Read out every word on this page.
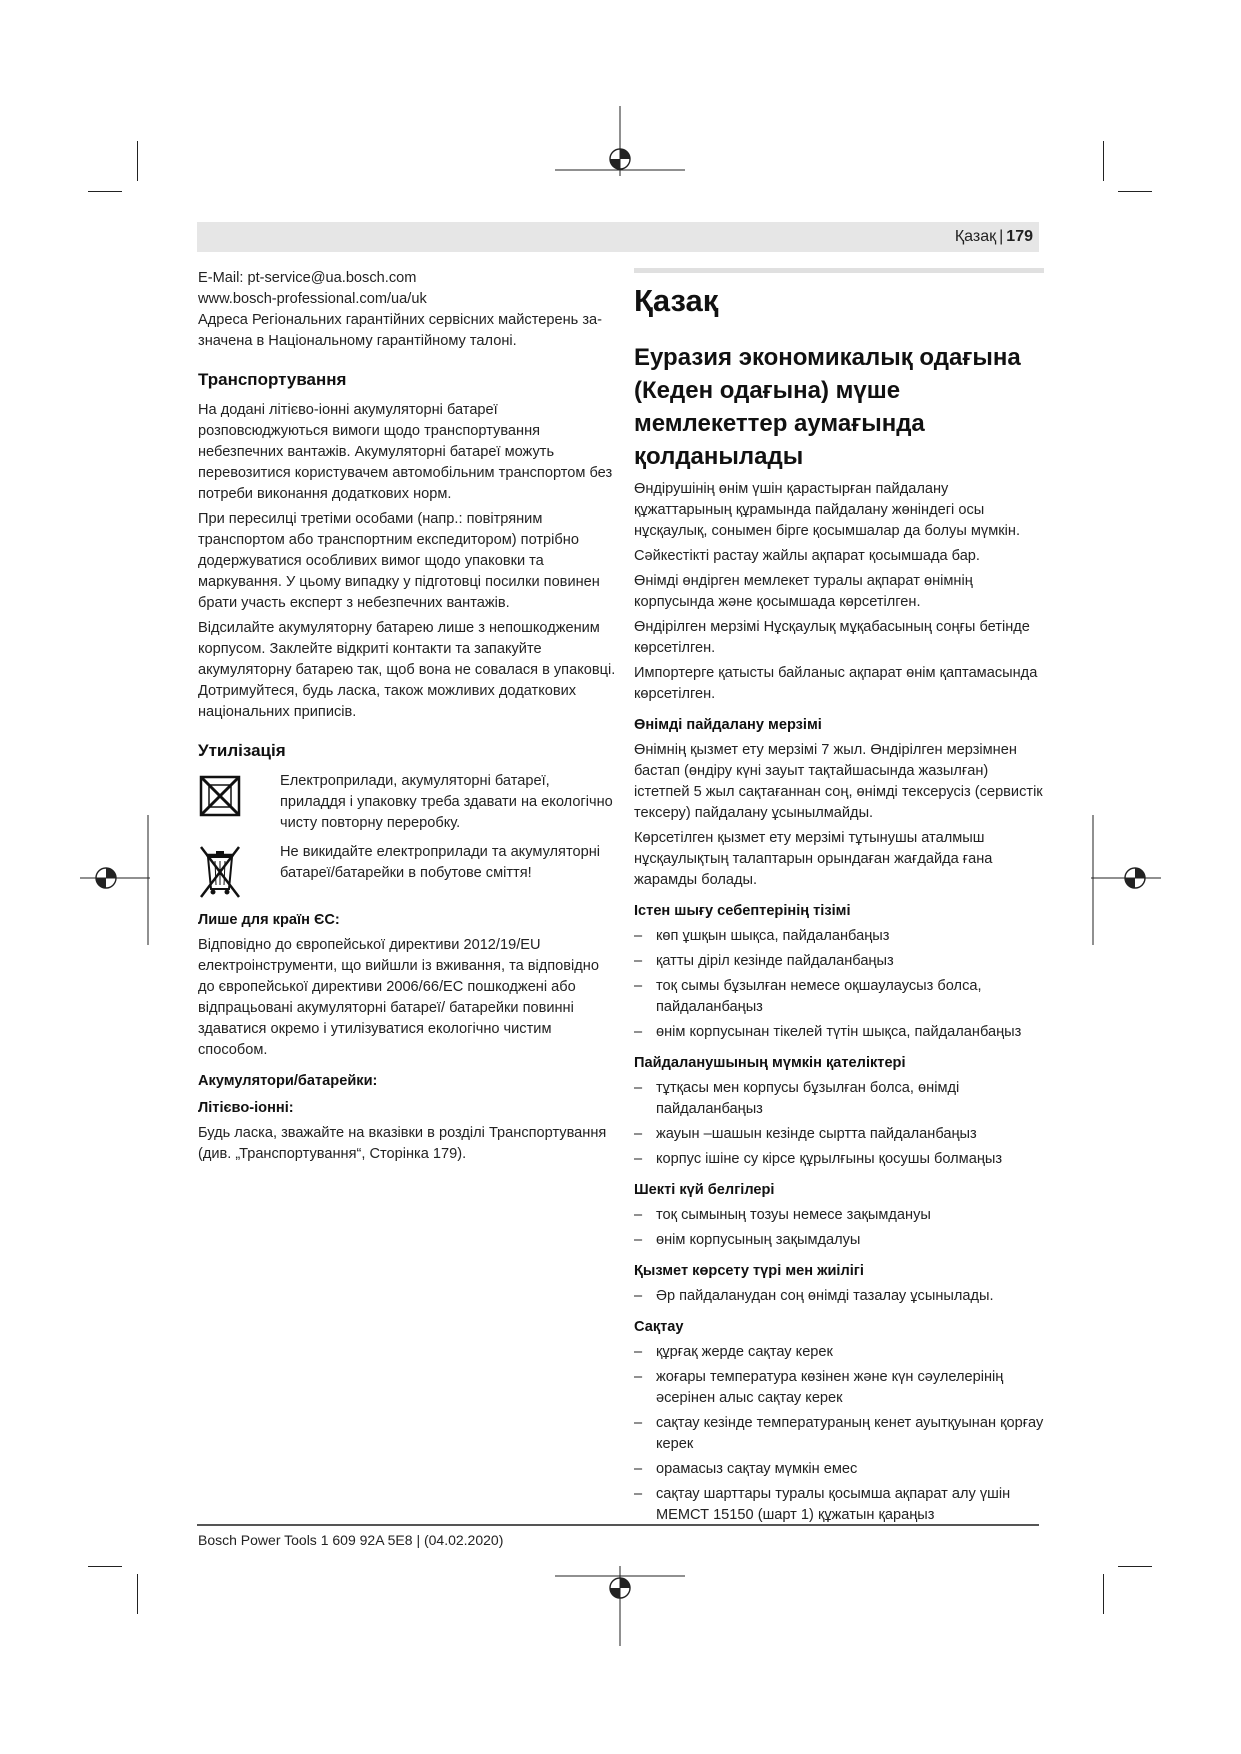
Қазақ | 179

E-Mail: pt-service@ua.bosch.com

www.bosch-professional.com/ua/uk

Адреса Регіональних гарантійних сервісних майстерень за- значена в Національному гарантійному талоні.

Транспортування

На додані літієво-іонні акумуляторні батареї розповсюджуються вимоги щодо транспортування небезпечних вантажів. Акумуляторні батареї можуть перевозитися користувачем автомобільним транспортом без потреби виконання додаткових норм.

При пересилці третіми особами (напр.: повітряним транспортом або транспортним експедитором) потрібно додержуватися особливих вимог щодо упаковки та маркування. У цьому випадку у підготовці посилки повинен брати участь експерт з небезпечних вантажів.

Відсилайте акумуляторну батарею лише з непошкодженим корпусом. Заклейте відкриті контакти та запакуйте акумуляторну батарею так, щоб вона не совалася в упаковці. Дотримуйтеся, будь ласка, також можливих додаткових національних приписів.

Утилізація
Електроприлади, акумуляторні батареї, приладдя і упаковку треба здавати на екологічно чисту повторну переробку.
Не викидайте електроприлади та акумуляторні батареї/батарейки в побутове сміття!
Лише для країн ЄС:

Відповідно до європейської директиви 2012/19/EU електроінструменти, що вийшли із вживання, та відповідно до європейської директиви 2006/66/EC пошкоджені або відпрацьовані акумуляторні батареї/ батарейки повинні здаватися окремо і утилізуватися екологічно чистим способом.

Акумулятори/батарейки:
Літієво-іонні:

Будь ласка, зважайте на вказівки в розділі Транспортування (див. „Транспортування“, Сторінка 179).

Қазақ
Еуразия экономикалық одағына (Кеден одағына) мүше мемлекеттер аумағында қолданылады

Өндірушінің өнім үшін қарастырған пайдалану құжаттарының құрамында пайдалану жөніндегі осы нұсқаулық, сонымен бірге қосымшалар да болуы мүмкін.

Сәйкестікті растау жайлы ақпарат қосымшада бар.

Өнімді өндірген мемлекет туралы ақпарат өнімнің корпусында және қосымшада көрсетілген.

Өндірілген мерзімі Нұсқаулық мұқабасының соңғы бетінде көрсетілген.

Импортерге қатысты байланыс ақпарат өнім қаптамасында көрсетілген.

Өнімді пайдалану мерзімі

Өнімнің қызмет ету мерзімі 7 жыл. Өндірілген мерзімнен бастап (өндіру күні зауыт тақтайшасында жазылған) істетпей 5 жыл сақтағаннан соң, өнімді тексерусіз (сервистік тексеру) пайдалану ұсынылмайды.

Көрсетілген қызмет ету мерзімі тұтынушы аталмыш нұсқаулықтың талаптарын орындаған жағдайда ғана жарамды болады.

Істен шығу себептерінің тізімі
– көп ұшқын шықса, пайдаланбаңыз
– қатты діріл кезінде пайдаланбаңыз
– тоқ сымы бұзылған немесе оқшаулаусыз болса, пайдаланбаңыз
– өнім корпусынан тікелей түтін шықса, пайдаланбаңыз
Пайдаланушының мүмкін қателіктері
– тұтқасы мен корпусы бұзылған болса, өнімді пайдаланбаңыз
– жауын –шашын кезінде сыртта пайдаланбаңыз
– корпус ішіне су кірсе құрылғыны қосушы болмаңыз
Шекті күй белгілері
– тоқ сымының тозуы немесе зақымдануы
– өнім корпусының зақымдалуы
Қызмет көрсету түрі мен жиілігі
– Әр пайдаланудан соң өнімді тазалау ұсынылады.
Сақтау
– құрғақ жерде сақтау керек
– жоғары температура көзінен және күн сәулелерінің әсерінен алыс сақтау керек
– сақтау кезінде температураның кенет ауытқуынан қорғау керек
– орамасыз сақтау мүмкін емес
– сақтау шарттары туралы қосымша ақпарат алу үшін МЕМСТ 15150 (шарт 1) құжатын қараңыз
Bosch Power Tools 1 609 92A 5E8 | (04.02.2020)
